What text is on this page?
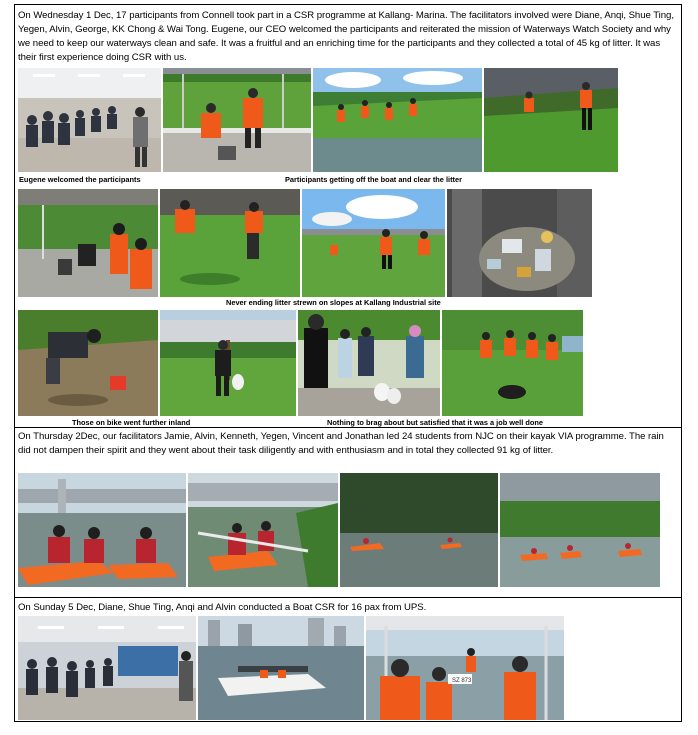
On Wednesday 1 Dec, 17 participants from Connell took part in a CSR programme at Kallang- Marina. The facilitators involved were Diane, Anqi, Shue Ting, Yegen, Alvin, George, KK Chong & Wai Tong. Eugene, our CEO welcomed the participants and reiterated the mission of Waterways Watch Society and why we need to keep our waterways clean and safe. It was a fruitful and an enriching time for the participants and they collected a total of 45 kg of litter. It was their first experience doing CSR with us.
Eugene welcomed the participants	Participants getting off the boat and clear the litter
Never ending litter strewn on slopes at Kallang Industrial site
Those on bike went further inland	Nothing to brag about but satisfied that it was a job well done
On Thursday 2Dec, our facilitators Jamie, Alvin, Kenneth, Yegen, Vincent and Jonathan led 24 students from NJC on their kayak VIA programme. The rain did not dampen their spirit and they went about their task diligently and with enthusiasm and in total they collected 91 kg of litter.
On Sunday 5 Dec, Diane, Shue Ting, Anqi and Alvin conducted a Boat CSR for 16 pax from UPS.
SZ 873
